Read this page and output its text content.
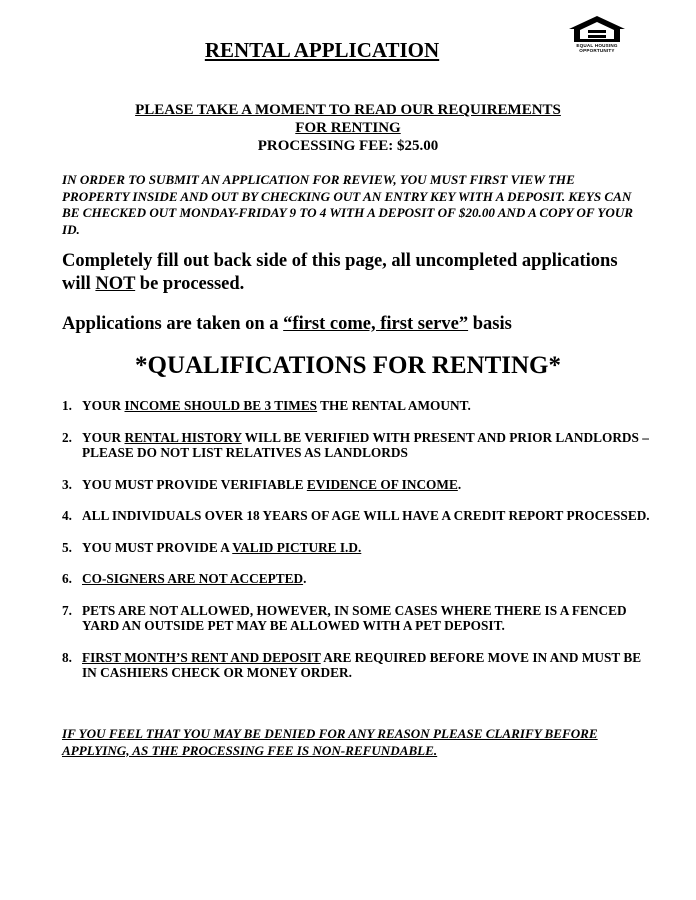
RENTAL APPLICATION	EQUAL HOUSING
OPPORTUNITY
PLEASE TAKE A MOMENT TO READ OUR REQUIREMENTS
FOR RENTING
PROCESSING FEE: $25.00
IN ORDER TO SUBMIT AN APPLICATION FOR REVIEW, YOU MUST FIRST VIEW THE PROPERTY INSIDE AND OUT BY CHECKING OUT AN ENTRY KEY WITH A DEPOSIT. KEYS CAN BE CHECKED OUT MONDAY-FRIDAY 9 TO 4 WITH A DEPOSIT OF $20.00 AND A COPY OF YOUR ID.
Completely fill out back side of this page, all uncompleted applications will NOT be processed.
Applications are taken on a “first come, first serve” basis
*QUALIFICATIONS FOR RENTING*
1. YOUR INCOME SHOULD BE 3 TIMES THE RENTAL AMOUNT.
2. YOUR RENTAL HISTORY WILL BE VERIFIED WITH PRESENT AND PRIOR LANDLORDS – PLEASE DO NOT LIST RELATIVES AS LANDLORDS
3. YOU MUST PROVIDE VERIFIABLE EVIDENCE OF INCOME.
4. ALL INDIVIDUALS OVER 18 YEARS OF AGE WILL HAVE A CREDIT REPORT PROCESSED.
5. YOU MUST PROVIDE A VALID PICTURE I.D.
6. CO-SIGNERS ARE NOT ACCEPTED.
7. PETS ARE NOT ALLOWED, HOWEVER, IN SOME CASES WHERE THERE IS A FENCED YARD AN OUTSIDE PET MAY BE ALLOWED WITH A PET DEPOSIT.
8. FIRST MONTH’S RENT AND DEPOSIT ARE REQUIRED BEFORE MOVE IN AND MUST BE IN CASHIERS CHECK OR MONEY ORDER.
IF YOU FEEL THAT YOU MAY BE DENIED FOR ANY REASON PLEASE CLARIFY BEFORE APPLYING, AS THE PROCESSING FEE IS NON-REFUNDABLE.
